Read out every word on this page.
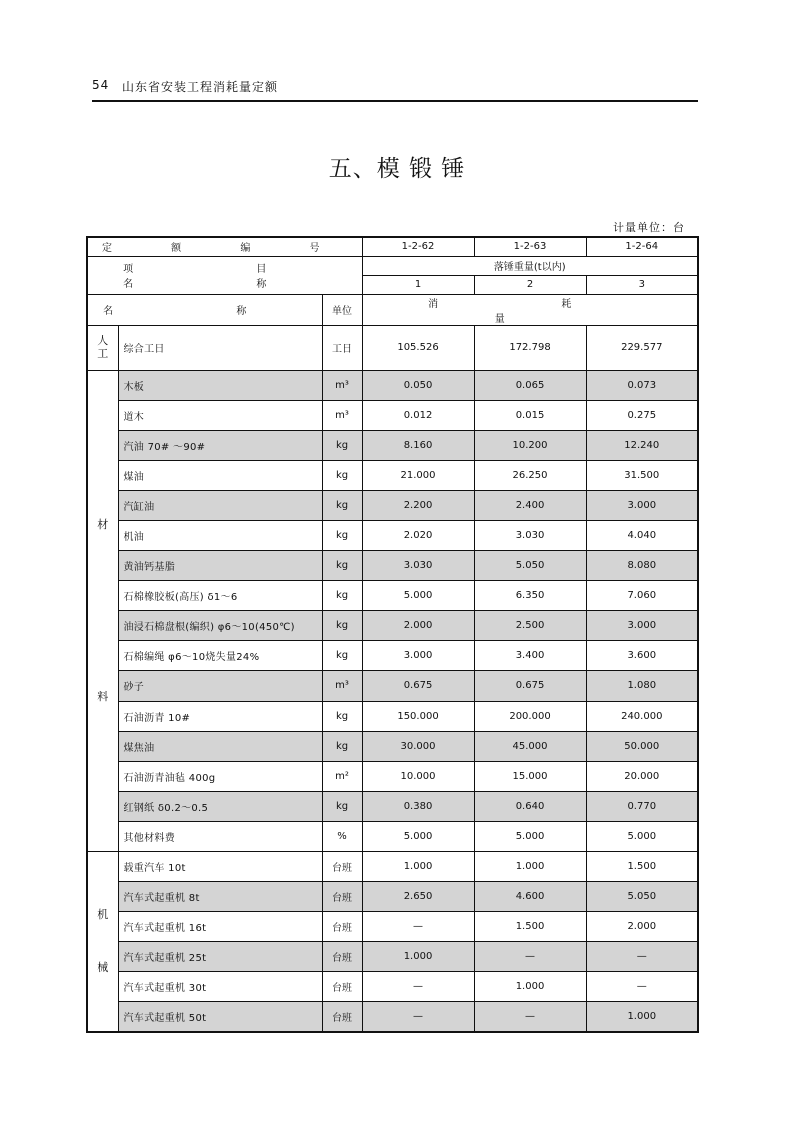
54 山东省安装工程消耗量定额
五、模 锻 锤
计量单位：台
定 额 编 号			1-2-62	1-2-63	1-2-64
项 目 名 称			落锤重量(t以内)		
			1	2	3
名 称		单位	消 耗 量		

人
工	综合工日	工日	105.526	172.798	229.577

材
料	木板	m³	0.050	0.065	0.073
	道木	m³	0.012	0.015	0.275
	汽油 70# ～90#	kg	8.160	10.200	12.240
	煤油	kg	21.000	26.250	31.500
	汽缸油	kg	2.200	2.400	3.000
	机油	kg	2.020	3.030	4.040
	黄油钙基脂	kg	3.030	5.050	8.080
	石棉橡胶板(高压) δ1～6	kg	5.000	6.350	7.060
	油浸石棉盘根(编织) φ6～10(450℃)	kg	2.000	2.500	3.000
	石棉编绳 φ6～10烧失量24%	kg	3.000	3.400	3.600
	砂子	m³	0.675	0.675	1.080
	石油沥青 10#	kg	150.000	200.000	240.000
	煤焦油	kg	30.000	45.000	50.000
	石油沥青油毡 400g	m²	10.000	15.000	20.000
	红钢纸 δ0.2～0.5	kg	0.380	0.640	0.770
	其他材料费	%	5.000	5.000	5.000

机
械	载重汽车 10t	台班	1.000	1.000	1.500
	汽车式起重机 8t	台班	2.650	4.600	5.050
	汽车式起重机 16t	台班	—	1.500	2.000
	汽车式起重机 25t	台班	1.000	—	—
	汽车式起重机 30t	台班	—	1.000	—
	汽车式起重机 50t	台班	—	—	1.000
